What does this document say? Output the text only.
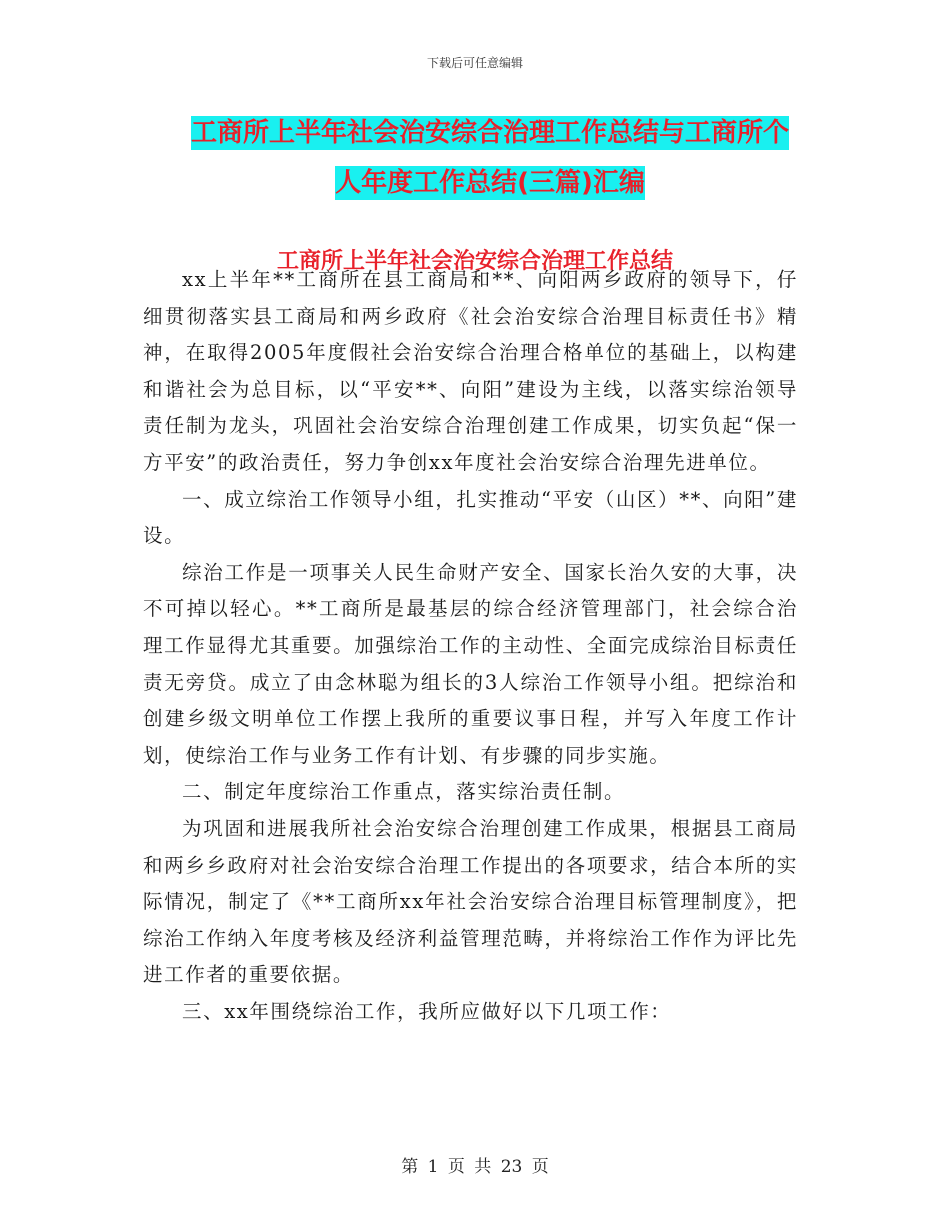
下载后可任意编辑
工商所上半年社会治安综合治理工作总结与工商所个
人年度工作总结(三篇)汇编
工商所上半年社会治安综合治理工作总结

xx上半年**工商所在县工商局和**、向阳两乡政府的领导下，仔细贯彻落实县工商局和两乡政府《社会治安综合治理目标责任书》精神，在取得2005年度假社会治安综合治理合格单位的基础上，以构建和谐社会为总目标，以“平安**、向阳”建设为主线，以落实综治领导责任制为龙头，巩固社会治安综合治理创建工作成果，切实负起“保一方平安”的政治责任，努力争创xx年度社会治安综合治理先进单位。

一、成立综治工作领导小组，扎实推动“平安（山区）**、向阳”建设。

综治工作是一项事关人民生命财产安全、国家长治久安的大事，决不可掉以轻心。**工商所是最基层的综合经济管理部门，社会综合治理工作显得尤其重要。加强综治工作的主动性、全面完成综治目标责任责无旁贷。成立了由念林聪为组长的3人综治工作领导小组。把综治和创建乡级文明单位工作摆上我所的重要议事日程，并写入年度工作计划，使综治工作与业务工作有计划、有步骤的同步实施。

二、制定年度综治工作重点，落实综治责任制。

为巩固和进展我所社会治安综合治理创建工作成果，根据县工商局和两乡乡政府对社会治安综合治理工作提出的各项要求，结合本所的实际情况，制定了《**工商所xx年社会治安综合治理目标管理制度》，把综治工作纳入年度考核及经济利益管理范畴，并将综治工作作为评比先进工作者的重要依据。

三、xx年围绕综治工作，我所应做好以下几项工作：

第 1 页 共 23 页
